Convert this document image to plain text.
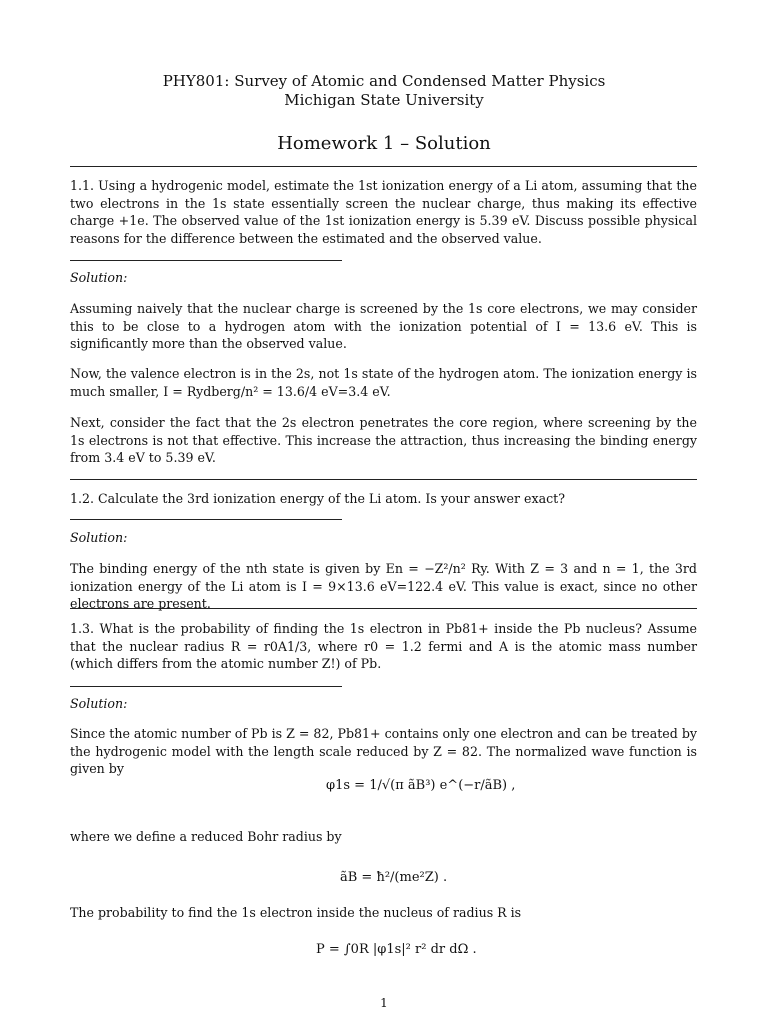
PHY801: Survey of Atomic and Condensed Matter Physics
Michigan State University
Homework 1 – Solution
1.1. Using a hydrogenic model, estimate the 1st ionization energy of a Li atom, assuming that the two electrons in the 1s state essentially screen the nuclear charge, thus making its effective charge +1e. The observed value of the 1st ionization energy is 5.39 eV. Discuss possible physical reasons for the difference between the estimated and the observed value.
Solution:
Assuming naively that the nuclear charge is screened by the 1s core electrons, we may consider this to be close to a hydrogen atom with the ionization potential of I = 13.6 eV. This is significantly more than the observed value.
Now, the valence electron is in the 2s, not 1s state of the hydrogen atom. The ionization energy is much smaller, I = Rydberg/n² = 13.6/4 eV=3.4 eV.
Next, consider the fact that the 2s electron penetrates the core region, where screening by the 1s electrons is not that effective. This increase the attraction, thus increasing the binding energy from 3.4 eV to 5.39 eV.
1.2. Calculate the 3rd ionization energy of the Li atom. Is your answer exact?
Solution:
The binding energy of the nth state is given by En = −Z²/n² Ry. With Z = 3 and n = 1, the 3rd ionization energy of the Li atom is I = 9×13.6 eV=122.4 eV. This value is exact, since no other electrons are present.
1.3. What is the probability of finding the 1s electron in Pb81+ inside the Pb nucleus? Assume that the nuclear radius R = r0A1/3, where r0 = 1.2 fermi and A is the atomic mass number (which differs from the atomic number Z!) of Pb.
Solution:
Since the atomic number of Pb is Z = 82, Pb81+ contains only one electron and can be treated by the hydrogenic model with the length scale reduced by Z = 82. The normalized wave function is given by
φ1s = 1/√(π ãB³) e^(−r/ãB) ,
where we define a reduced Bohr radius by
ãB = ħ²/(me²Z) .
The probability to find the 1s electron inside the nucleus of radius R is
P = ∫0R |φ1s|² r² dr dΩ .
1
